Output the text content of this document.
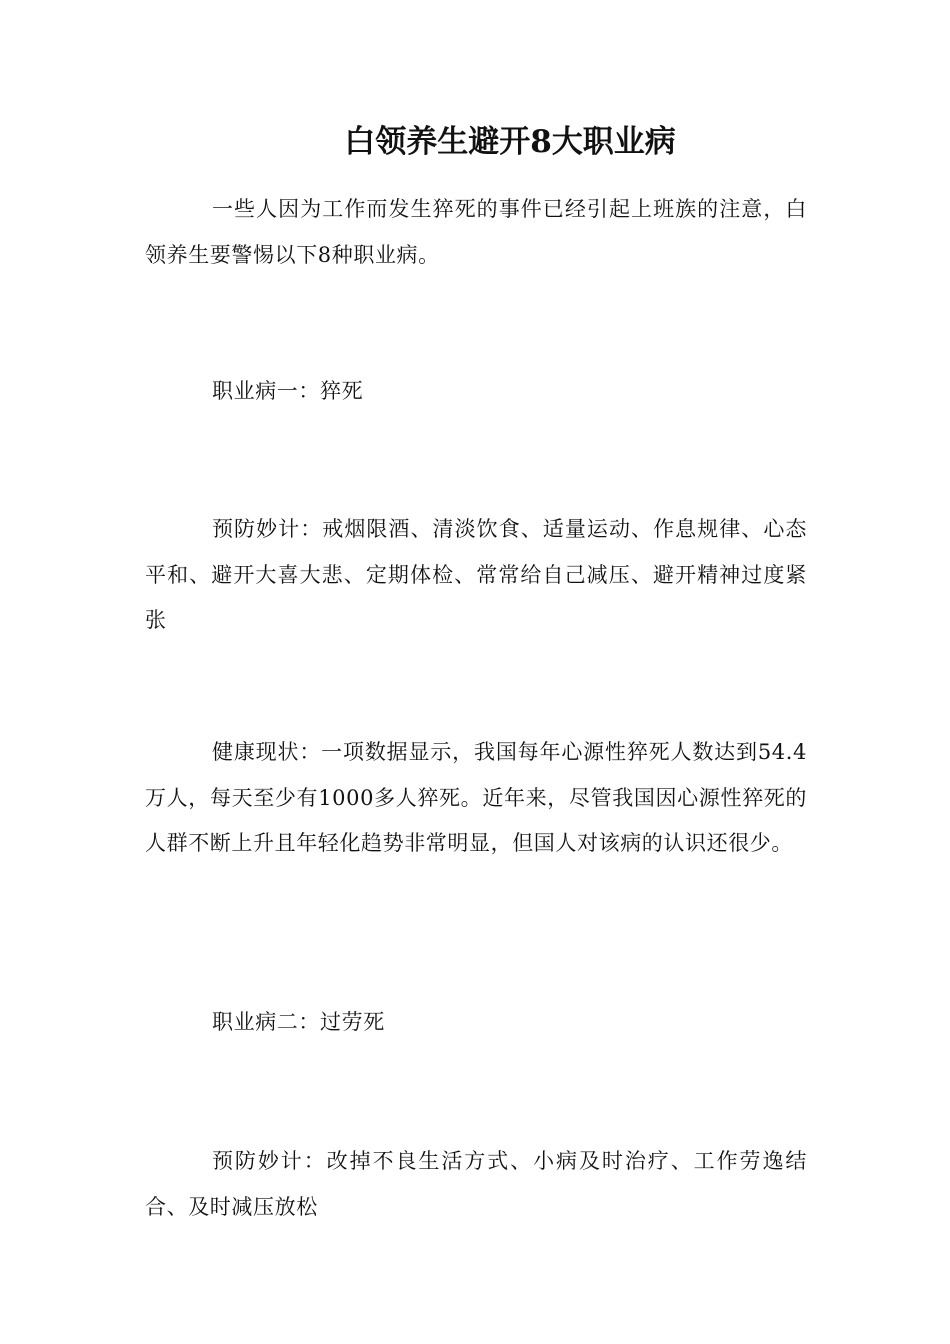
白领养生避开8大职业病

一些人因为工作而发生猝死的事件已经引起上班族的注意，白领养生要警惕以下8种职业病。

职业病一：猝死

预防妙计：戒烟限酒、清淡饮食、适量运动、作息规律、心态平和、避开大喜大悲、定期体检、常常给自己减压、避开精神过度紧张

健康现状：一项数据显示，我国每年心源性猝死人数达到54.4万人，每天至少有1000多人猝死。近年来，尽管我国因心源性猝死的人群不断上升且年轻化趋势非常明显，但国人对该病的认识还很少。

职业病二：过劳死

预防妙计：改掉不良生活方式、小病及时治疗、工作劳逸结合、及时减压放松
